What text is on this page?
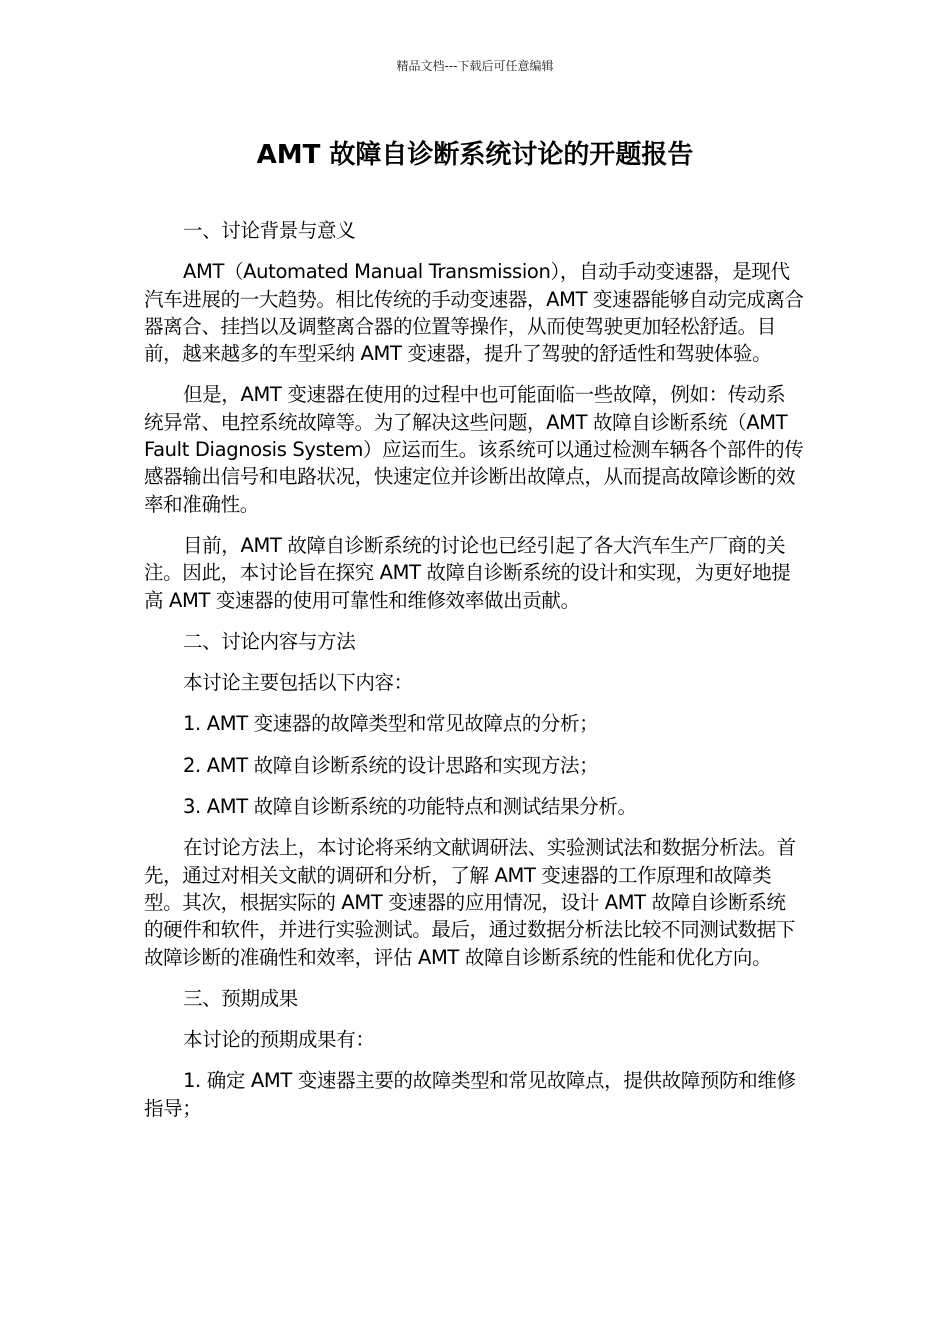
精品文档---下载后可任意编辑
AMT 故障自诊断系统讨论的开题报告

一、讨论背景与意义

AMT（Automated Manual Transmission），自动手动变速器，是现代汽车进展的一大趋势。相比传统的手动变速器，AMT 变速器能够自动完成离合器离合、挂挡以及调整离合器的位置等操作，从而使驾驶更加轻松舒适。目前，越来越多的车型采纳 AMT 变速器，提升了驾驶的舒适性和驾驶体验。

但是，AMT 变速器在使用的过程中也可能面临一些故障，例如：传动系统异常、电控系统故障等。为了解决这些问题，AMT 故障自诊断系统（AMT Fault Diagnosis System）应运而生。该系统可以通过检测车辆各个部件的传感器输出信号和电路状况，快速定位并诊断出故障点，从而提高故障诊断的效率和准确性。

目前，AMT 故障自诊断系统的讨论也已经引起了各大汽车生产厂商的关注。因此，本讨论旨在探究 AMT 故障自诊断系统的设计和实现，为更好地提高 AMT 变速器的使用可靠性和维修效率做出贡献。

二、讨论内容与方法

本讨论主要包括以下内容：

1. AMT 变速器的故障类型和常见故障点的分析；

2. AMT 故障自诊断系统的设计思路和实现方法；

3. AMT 故障自诊断系统的功能特点和测试结果分析。

在讨论方法上，本讨论将采纳文献调研法、实验测试法和数据分析法。首先，通过对相关文献的调研和分析，了解 AMT 变速器的工作原理和故障类型。其次，根据实际的 AMT 变速器的应用情况，设计 AMT 故障自诊断系统的硬件和软件，并进行实验测试。最后，通过数据分析法比较不同测试数据下故障诊断的准确性和效率，评估 AMT 故障自诊断系统的性能和优化方向。

三、预期成果

本讨论的预期成果有：

1. 确定 AMT 变速器主要的故障类型和常见故障点，提供故障预防和维修指导；
